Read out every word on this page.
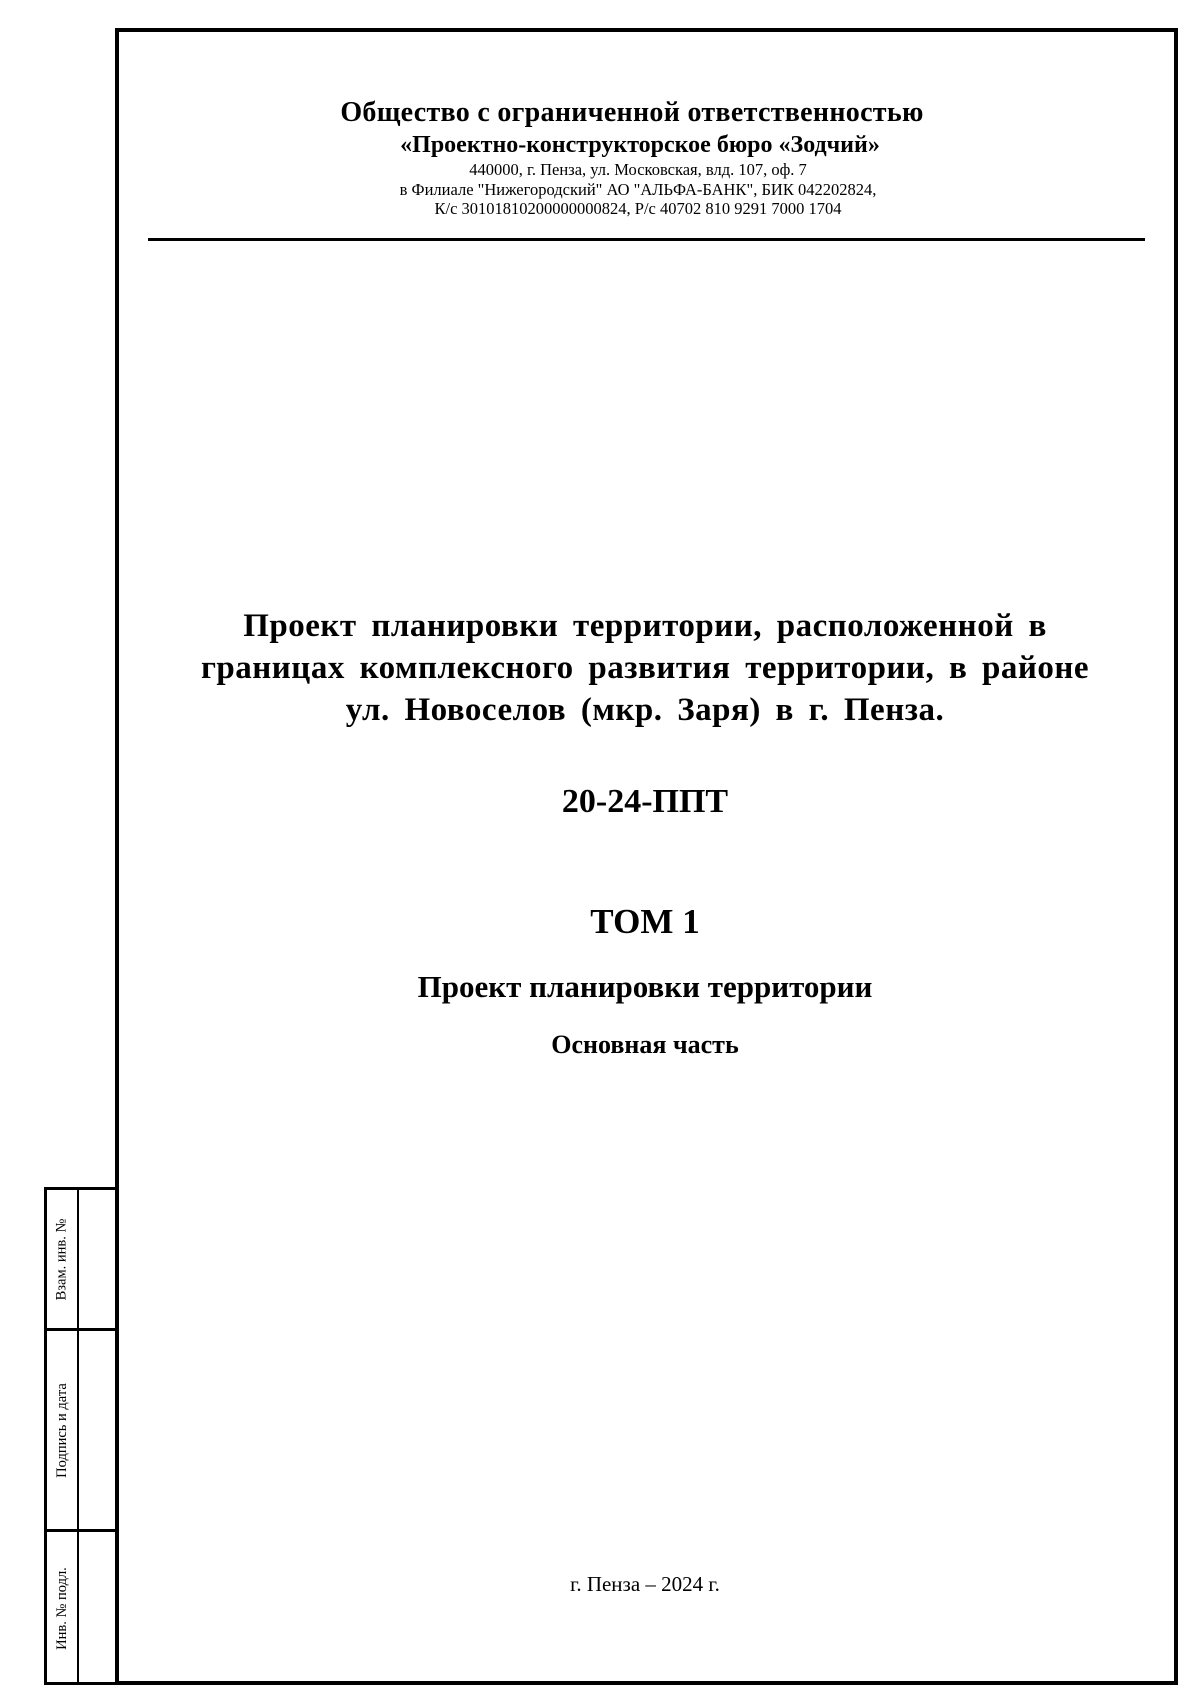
Общество с ограниченной ответственностью
«Проектно-конструкторское бюро «Зодчий»
440000, г. Пенза, ул. Московская, влд. 107, оф. 7
в Филиале "Нижегородский" АО "АЛЬФА-БАНК", БИК 042202824,
К/с 30101810200000000824, Р/с 40702 810 9291 7000 1704
Проект планировки территории, расположенной в
границах комплексного развития территории, в районе
ул. Новоселов (мкр. Заря) в г. Пенза.
20-24-ППТ
ТОМ 1
Проект планировки территории
Основная часть
г. Пенза – 2024 г.
Взам. инв. №
Подпись и дата
Инв. № подл.
